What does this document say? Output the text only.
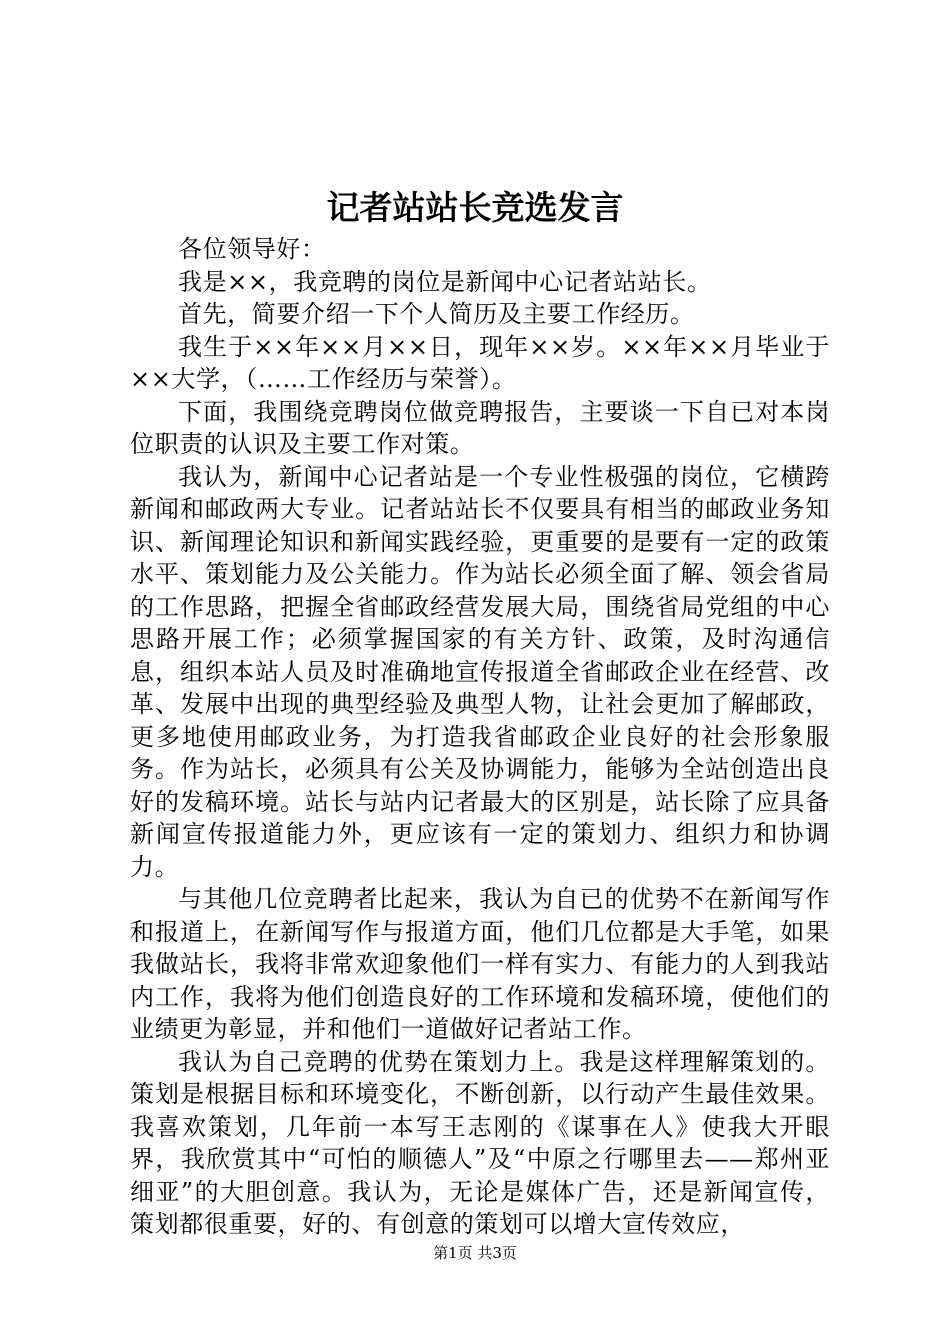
记者站站长竞选发言

各位领导好：

我是××，我竞聘的岗位是新闻中心记者站站长。

首先，简要介绍一下个人简历及主要工作经历。

我生于××年××月××日，现年××岁。××年××月毕业于××大学，（……工作经历与荣誉）。

下面，我围绕竞聘岗位做竞聘报告，主要谈一下自已对本岗位职责的认识及主要工作对策。

我认为，新闻中心记者站是一个专业性极强的岗位，它横跨新闻和邮政两大专业。记者站站长不仅要具有相当的邮政业务知识、新闻理论知识和新闻实践经验，更重要的是要有一定的政策水平、策划能力及公关能力。作为站长必须全面了解、领会省局的工作思路，把握全省邮政经营发展大局，围绕省局党组的中心思路开展工作；必须掌握国家的有关方针、政策，及时沟通信息，组织本站人员及时准确地宣传报道全省邮政企业在经营、改革、发展中出现的典型经验及典型人物，让社会更加了解邮政，更多地使用邮政业务，为打造我省邮政企业良好的社会形象服务。作为站长，必须具有公关及协调能力，能够为全站创造出良好的发稿环境。站长与站内记者最大的区别是，站长除了应具备新闻宣传报道能力外，更应该有一定的策划力、组织力和协调力。

与其他几位竞聘者比起来，我认为自已的优势不在新闻写作和报道上，在新闻写作与报道方面，他们几位都是大手笔，如果我做站长，我将非常欢迎象他们一样有实力、有能力的人到我站内工作，我将为他们创造良好的工作环境和发稿环境，使他们的业绩更为彰显，并和他们一道做好记者站工作。

我认为自己竞聘的优势在策划力上。我是这样理解策划的。策划是根据目标和环境变化，不断创新，以行动产生最佳效果。我喜欢策划，几年前一本写王志刚的《谋事在人》使我大开眼界，我欣赏其中“可怕的顺德人”及“中原之行哪里去——郑州亚细亚”的大胆创意。我认为，无论是媒体广告，还是新闻宣传，策划都很重要，好的、有创意的策划可以增大宣传效应，

第1页 共3页
